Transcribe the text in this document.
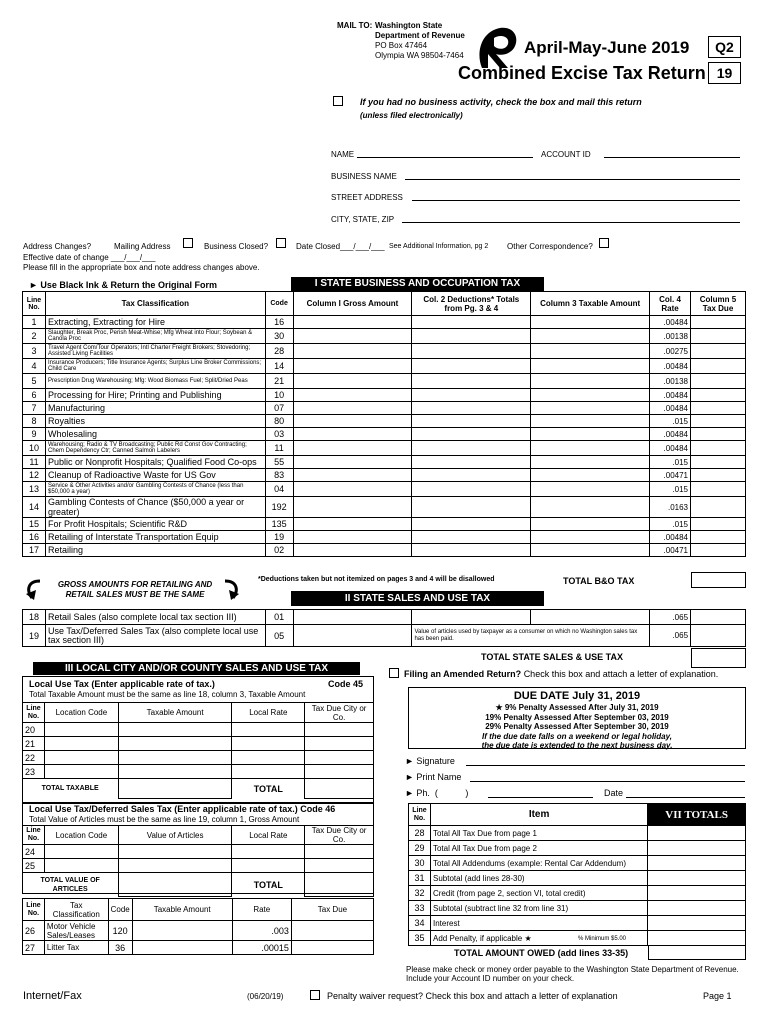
MAIL TO: Washington State
Department of Revenue
PO Box 47464
Olympia WA 98504-7464	April-May-June 2019	Q2
Combined Excise Tax Return 19
If you had no business activity, check the box and mail this return
(unless filed electronically)
NAME	ACCOUNT ID
BUSINESS NAME
STREET ADDRESS
CITY, STATE, ZIP
Address Changes?	Mailing Address	Business Closed?	Date Closed___/___/___ See Additional Information, pg 2 Other Correspondence?
Effective date of change ___/___/___
Please fill in the appropriate box and note address changes above.
► Use Black Ink & Return the Original Form	I STATE BUSINESS AND OCCUPATION TAX
Line No.	Tax Classification	Code	Column I Gross Amount	Col. 2 Deductions* Totals from Pg. 3 & 4	Column 3 Taxable Amount	Col. 4 Rate	Column 5 Tax Due
1	Extracting, Extracting for Hire	16				.00484	
2	Slaughter, Break Proc, Perish Meat-Whise; Mfg Wheat into Flour; Soybean & Canola Proc	30				.00138	
3	Travel Agent Com/Tour Operators; Intl Charter Freight Brokers; Stovedoring; Assisted Living Facilities	28				.00275	
4	Insurance Producers; Title Insurance Agents; Surplus Line Broker Commissions; Child Care	14				.00484	
5	Prescription Drug Warehousing; Mfg: Wood Biomass Fuel; Split/Dried Peas	21				.00138	
6	Processing for Hire; Printing and Publishing	10				.00484	
7	Manufacturing	07				.00484	
8	Royalties	80				.015	
9	Wholesaling	03				.00484	
10	Warehousing; Radio & TV Broadcasting; Public Rd Const Gov Contracting; Chem Dependency Ctr; Canned Salmon Labelers	11				.00484	
11	Public or Nonprofit Hospitals; Qualified Food Co-ops	55				.015	
12	Cleanup of Radioactive Waste for US Gov	83				.00471	
13	Service & Other Activities and/or Gambling Contests of Chance (less than $50,000 a year)	04				.015	
14	Gambling Contests of Chance ($50,000 a year or greater)	192				.0163	
15	For Profit Hospitals; Scientific R&D	135				.015	
16	Retailing of Interstate Transportation Equip	19				.00484	
17	Retailing	02				.00471	
GROSS AMOUNTS FOR RETAILING AND RETAIL SALES MUST BE THE SAME
*Deductions taken but not itemized on pages 3 and 4 will be disallowed	TOTAL B&O TAX
II STATE SALES AND USE TAX
18	Retail Sales (also complete local tax section III)	01				.065	
19	Use Tax/Deferred Sales Tax (also complete local use tax section III)	05		Value of articles used by taxpayer as a consumer on which no Washington sales tax has been paid.		.065	
TOTAL STATE SALES & USE TAX
III LOCAL CITY AND/OR COUNTY SALES AND USE TAX	Filing an Amended Return? Check this box and attach a letter of explanation.
Local Use Tax (Enter applicable rate of tax.)	Code 45
Total Taxable Amount must be the same as line 18, column 3, Taxable Amount
Line No.	Location Code	Taxable Amount	Local Rate	Tax Due City or Co.
20				
21				
22				
23				
TOTAL TAXABLE			TOTAL	
Local Use Tax/Deferred Sales Tax (Enter applicable rate of tax.) Code 46
Total Value of Articles must be the same as line 19, column 1, Gross Amount
Line No.	Location Code	Value of Articles	Local Rate	Tax Due City or Co.
24				
25				
TOTAL VALUE OF ARTICLES			TOTAL	
Line No.	Tax Classification	Code	Taxable Amount	Rate	Tax Due
26	Motor Vehicle Sales/Leases	120		.003	
27	Litter Tax	36		.00015	
DUE DATE July 31, 2019
★ 9% Penalty Assessed After July 31, 2019
19% Penalty Assessed After September 03, 2019
29% Penalty Assessed After September 30, 2019
If the due date falls on a weekend or legal holiday,
the due date is extended to the next business day.
► Signature
► Print Name
► Ph.  (           )	Date
Line No.	Item	VII TOTALS
28	Total All Tax Due from page 1	
29	Total All Tax Due from page 2	
30	Total All Addendums (example: Rental Car Addendum)	
31	Subtotal (add lines 28-30)	
32	Credit (from page 2, section VI, total credit)	
33	Subtotal (subtract line 32 from line 31)	
34	Interest	
35	Add Penalty, if applicable ★		% Minimum $5.00
TOTAL AMOUNT OWED (add lines 33-35)
Please make check or money order payable to the Washington State Department of Revenue. Include your Account ID number on your check.
Internet/Fax	(06/20/19)	Penalty waiver request? Check this box and attach a letter of explanation	Page 1
